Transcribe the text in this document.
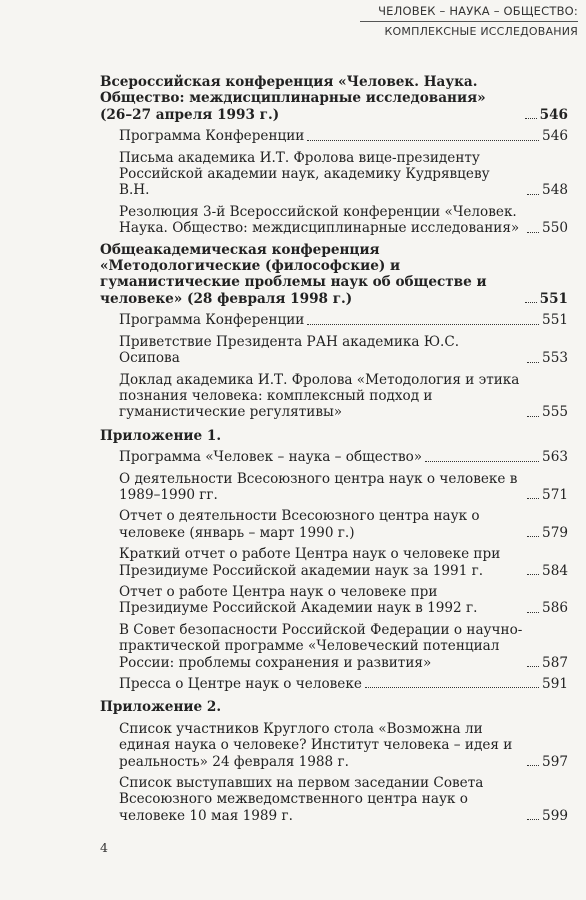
ЧЕЛОВЕК – НАУКА – ОБЩЕСТВО:
КОМПЛЕКСНЫЕ ИССЛЕДОВАНИЯ
Всероссийская конференция «Человек. Наука. Общество: междисциплинарные исследования» (26–27 апреля 1993 г.)	546
Программа Конференции	546
Письма академика И.Т. Фролова вице-президенту Российской академии наук, академику Кудрявцеву В.Н.	548
Резолюция 3-й Всероссийской конференции «Человек. Наука. Общество: междисциплинарные исследования»	550
Общеакадемическая конференция «Методологические (философские) и гуманистические проблемы наук об обществе и человеке» (28 февраля 1998 г.)	551
Программа Конференции	551
Приветствие Президента РАН академика Ю.С. Осипова	553
Доклад академика И.Т. Фролова «Методология и этика познания человека: комплексный подход и гуманистические регулятивы»	555
Приложение 1.
Программа «Человек – наука – общество»	563
О деятельности Всесоюзного центра наук о человеке в 1989–1990 гг.	571
Отчет о деятельности Всесоюзного центра наук о человеке (январь – март 1990 г.)	579
Краткий отчет о работе Центра наук о человеке при Президиуме Российской академии наук за 1991 г.	584
Отчет о работе Центра наук о человеке при Президиуме Российской Академии наук в 1992 г.	586
В Совет безопасности Российской Федерации о научно-практической программе «Человеческий потенциал России: проблемы сохранения и развития»	587
Пресса о Центре наук о человеке	591
Приложение 2.
Список участников Круглого стола «Возможна ли единая наука о человеке? Институт человека – идея и реальность» 24 февраля 1988 г.	597
Список выступавших на первом заседании Совета Всесоюзного межведомственного центра наук о человеке 10 мая 1989 г.	599
4
